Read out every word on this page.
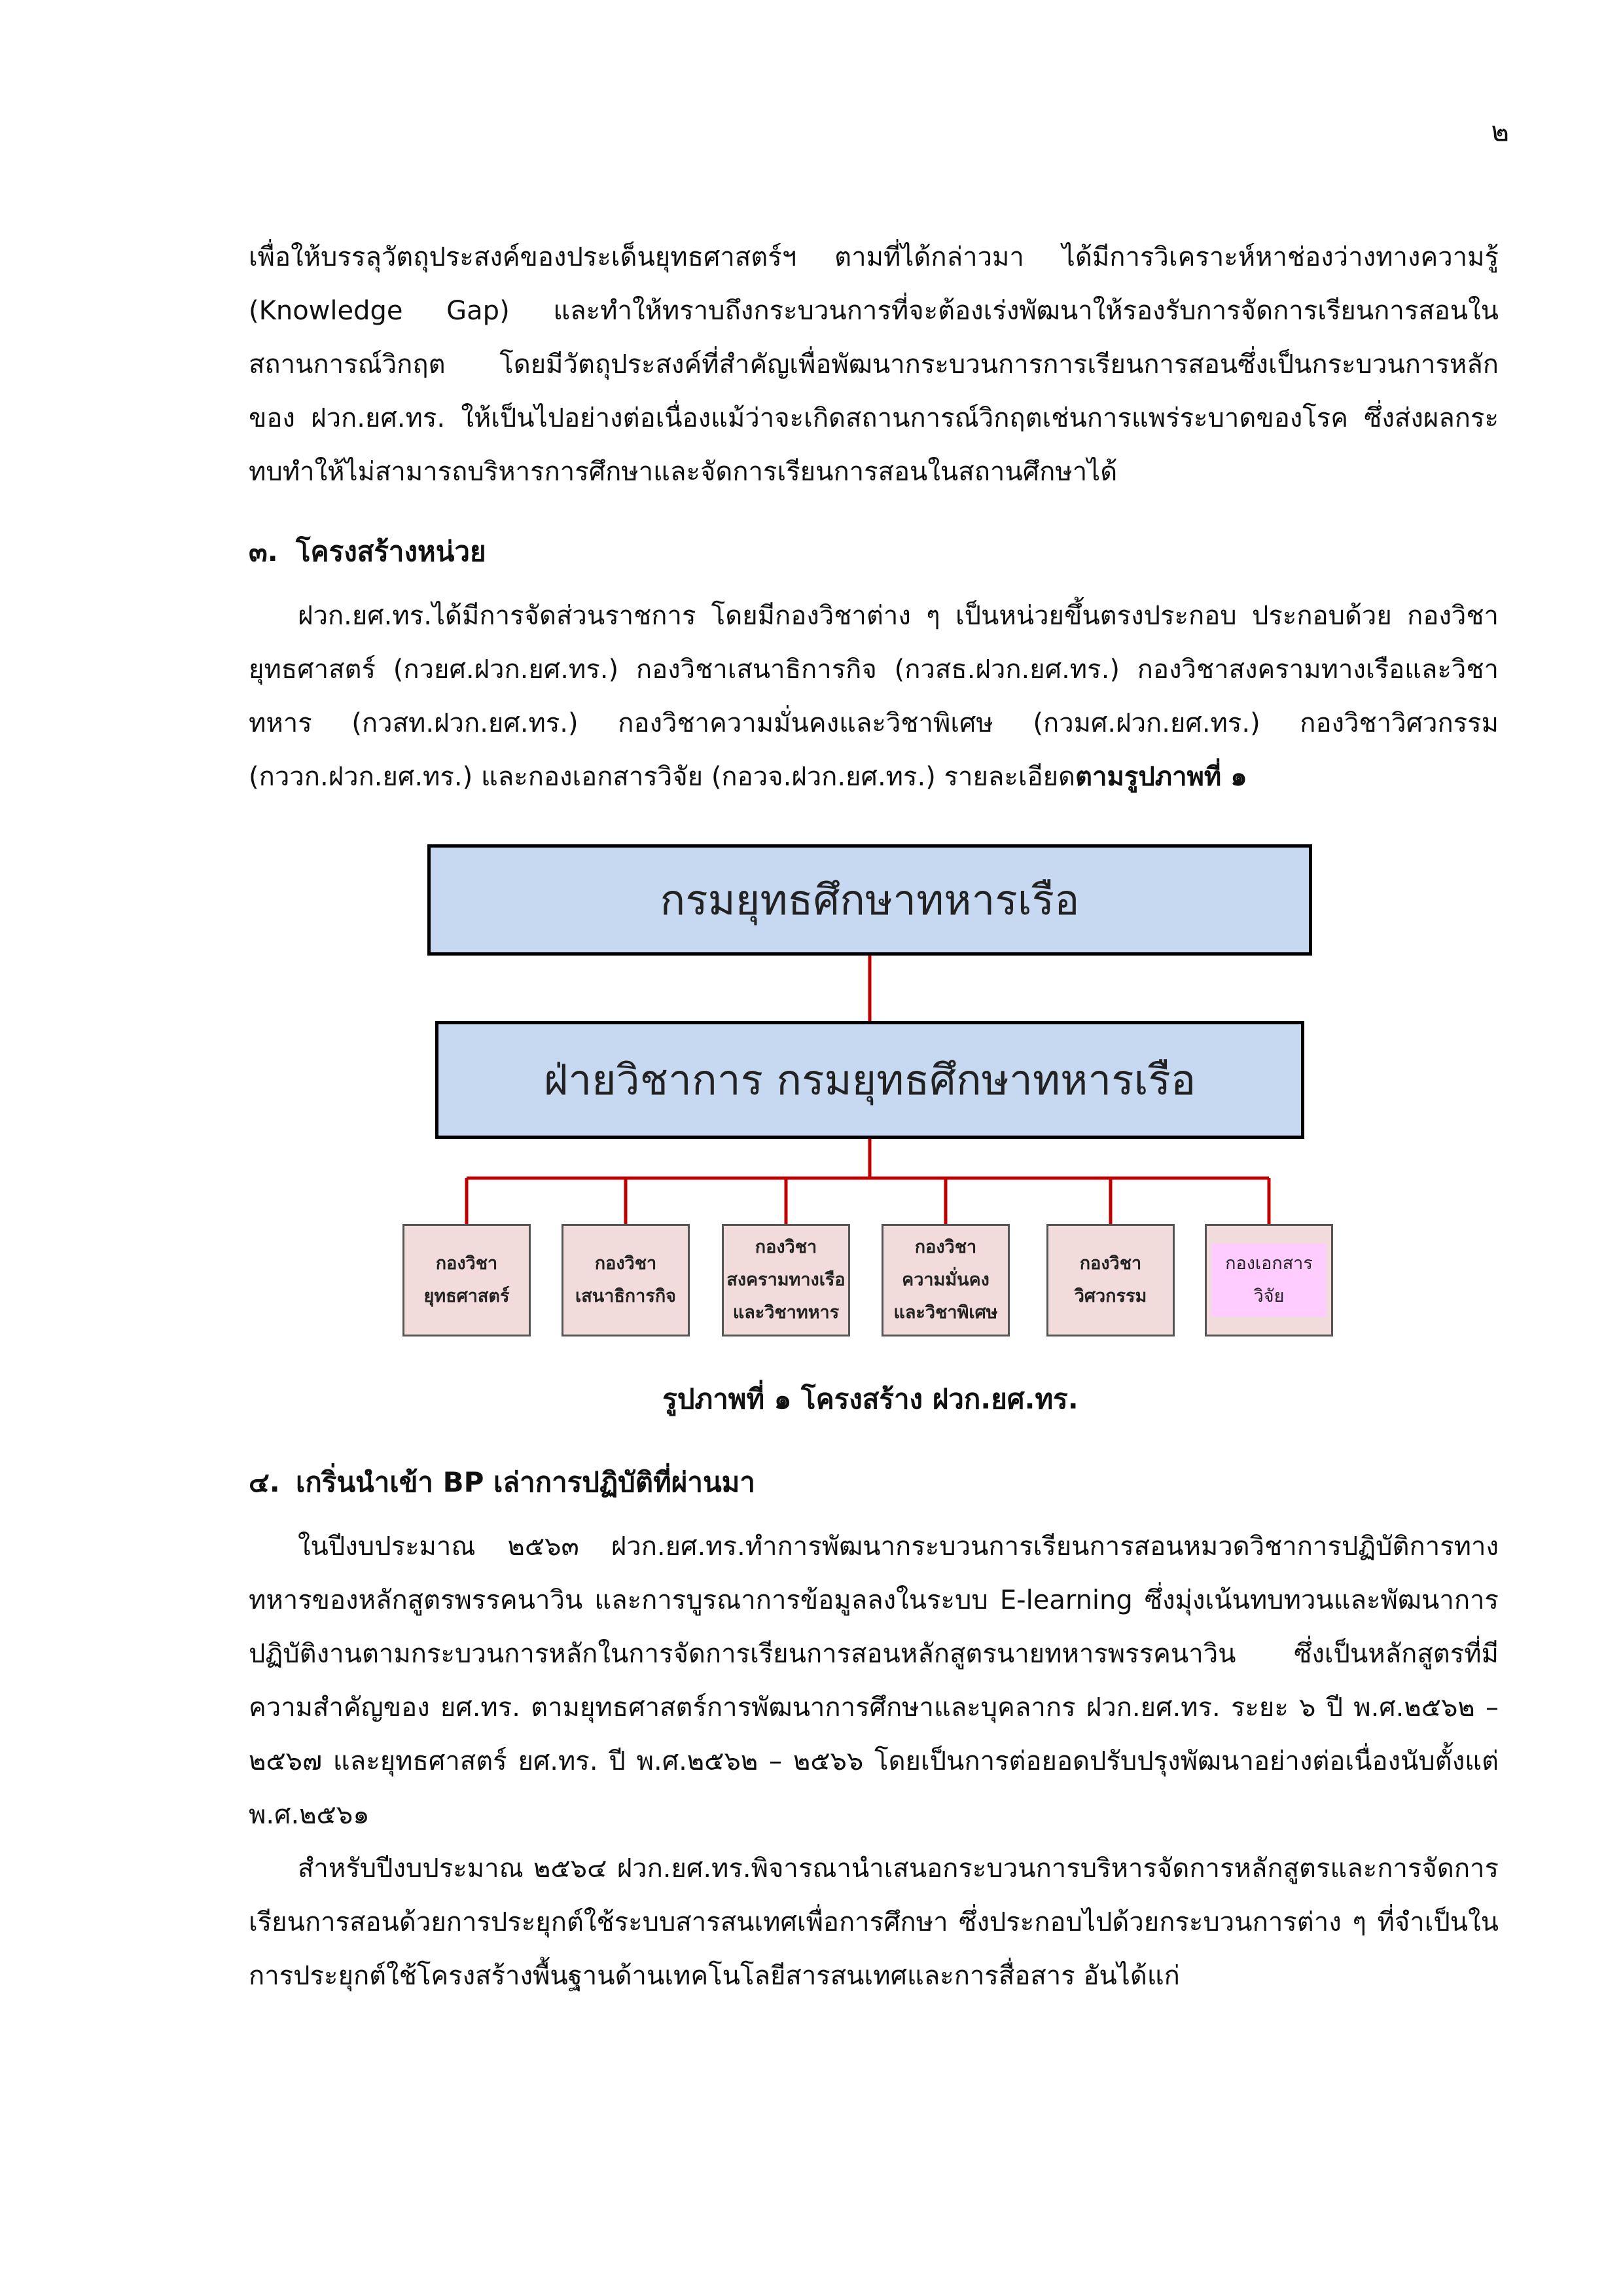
๒

เพื่อให้บรรลุวัตถุประสงค์ของประเด็นยุทธศาสตร์ฯ ตามที่ได้กล่าวมา ได้มีการวิเคราะห์หาช่องว่างทางความรู้ (Knowledge Gap) และทำให้ทราบถึงกระบวนการที่จะต้องเร่งพัฒนาให้รองรับการจัดการเรียนการสอนในสถานการณ์วิกฤต โดยมีวัตถุประสงค์ที่สำคัญเพื่อพัฒนากระบวนการการเรียนการสอนซึ่งเป็นกระบวนการหลักของ ฝวก.ยศ.ทร. ให้เป็นไปอย่างต่อเนื่องแม้ว่าจะเกิดสถานการณ์วิกฤตเช่นการแพร่ระบาดของโรค ซึ่งส่งผลกระทบทำให้ไม่สามารถบริหารการศึกษาและจัดการเรียนการสอนในสถานศึกษาได้

๓. โครงสร้างหน่วย

ฝวก.ยศ.ทร.ได้มีการจัดส่วนราชการ โดยมีกองวิชาต่าง ๆ เป็นหน่วยขึ้นตรงประกอบ ประกอบด้วย กองวิชายุทธศาสตร์ (กวยศ.ฝวก.ยศ.ทร.) กองวิชาเสนาธิการกิจ (กวสธ.ฝวก.ยศ.ทร.) กองวิชาสงครามทางเรือและวิชาทหาร (กวสท.ฝวก.ยศ.ทร.) กองวิชาความมั่นคงและวิชาพิเศษ (กวมศ.ฝวก.ยศ.ทร.) กองวิชาวิศวกรรม (กววก.ฝวก.ยศ.ทร.) และกองเอกสารวิจัย (กอวจ.ฝวก.ยศ.ทร.) รายละเอียดตามรูปภาพที่ ๑

กรมยุทธศึกษาทหารเรือ
ฝ่ายวิชาการ กรมยุทธศึกษาทหารเรือ
กองวิชา
ยุทธศาสตร์
กองวิชา
เสนาธิการกิจ
กองวิชา
สงครามทางเรือ
และวิชาทหาร
กองวิชา
ความมั่นคง
และวิชาพิเศษ
กองวิชา
วิศวกรรม
กองเอกสาร
วิจัย

รูปภาพที่ ๑ โครงสร้าง ฝวก.ยศ.ทร.

๔. เกริ่นนำเข้า BP เล่าการปฏิบัติที่ผ่านมา

ในปีงบประมาณ ๒๕๖๓ ฝวก.ยศ.ทร.ทำการพัฒนากระบวนการเรียนการสอนหมวดวิชาการปฏิบัติการทางทหารของหลักสูตรพรรคนาวิน และการบูรณาการข้อมูลลงในระบบ E-learning ซึ่งมุ่งเน้นทบทวนและพัฒนาการปฏิบัติงานตามกระบวนการหลักในการจัดการเรียนการสอนหลักสูตรนายทหารพรรคนาวิน ซึ่งเป็นหลักสูตรที่มีความสำคัญของ ยศ.ทร. ตามยุทธศาสตร์การพัฒนาการศึกษาและบุคลากร ฝวก.ยศ.ทร. ระยะ ๖ ปี พ.ศ.๒๕๖๒ – ๒๕๖๗ และยุทธศาสตร์ ยศ.ทร. ปี พ.ศ.๒๕๖๒ – ๒๕๖๖ โดยเป็นการต่อยอดปรับปรุงพัฒนาอย่างต่อเนื่องนับตั้งแต่ พ.ศ.๒๕๖๑

สำหรับปีงบประมาณ ๒๕๖๔ ฝวก.ยศ.ทร.พิจารณานำเสนอกระบวนการบริหารจัดการหลักสูตรและการจัดการเรียนการสอนด้วยการประยุกต์ใช้ระบบสารสนเทศเพื่อการศึกษา ซึ่งประกอบไปด้วยกระบวนการต่าง ๆ ที่จำเป็นในการประยุกต์ใช้โครงสร้างพื้นฐานด้านเทคโนโลยีสารสนเทศและการสื่อสาร อันได้แก่
